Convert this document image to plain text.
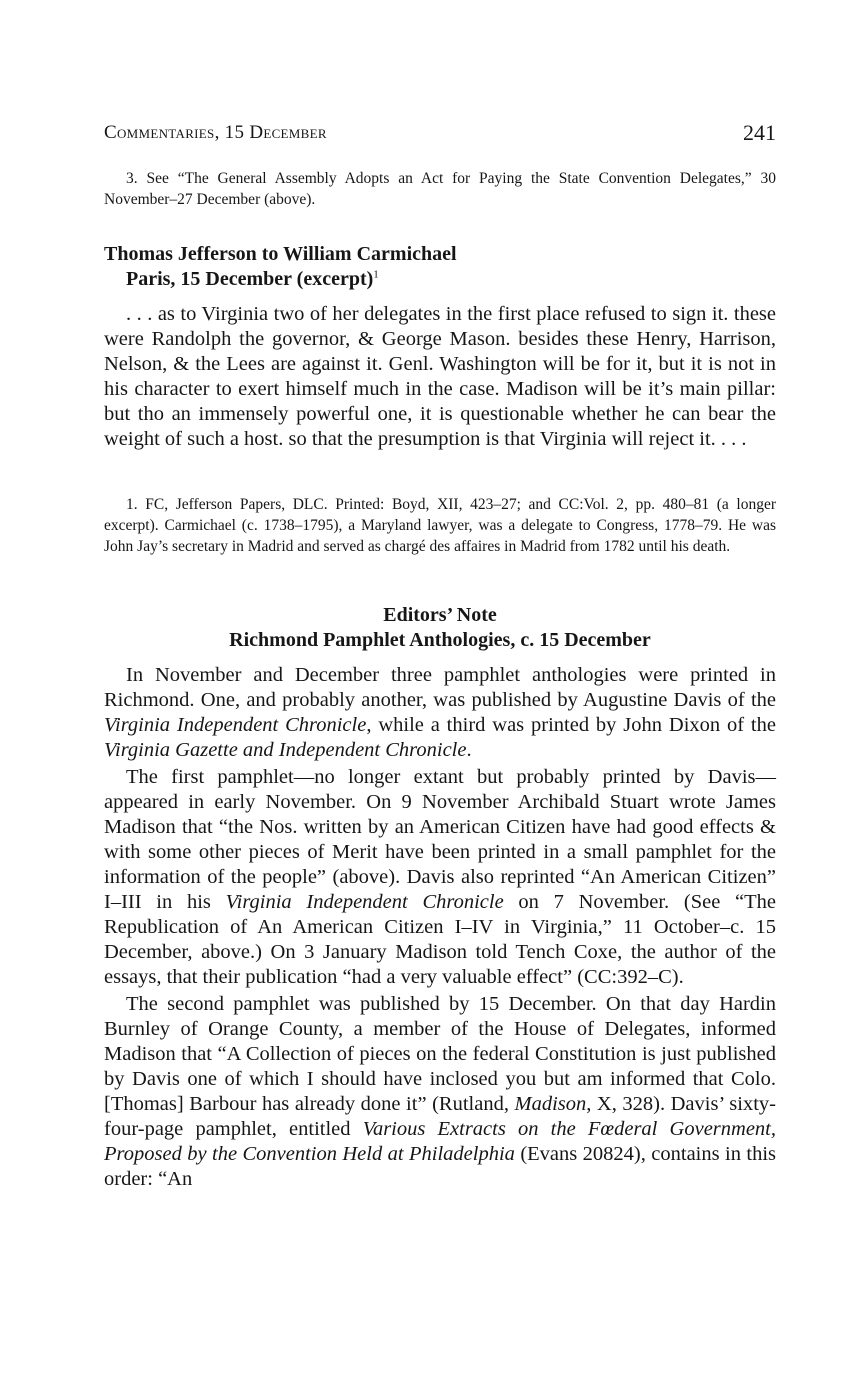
Commentaries, 15 December	241

3. See “The General Assembly Adopts an Act for Paying the State Convention Delegates,” 30 November–27 December (above).

Thomas Jefferson to William Carmichael
Paris, 15 December (excerpt)$^1$

. . . as to Virginia two of her delegates in the first place refused to sign it. these were Randolph the governor, & George Mason. besides these Henry, Harrison, Nelson, & the Lees are against it. Genl. Washington will be for it, but it is not in his character to exert himself much in the case. Madison will be it’s main pillar: but tho an immensely powerful one, it is questionable whether he can bear the weight of such a host. so that the presumption is that Virginia will reject it. . . .

1. FC, Jefferson Papers, DLC. Printed: Boyd, XII, 423–27; and CC:Vol. 2, pp. 480–81 (a longer excerpt). Carmichael (c. 1738–1795), a Maryland lawyer, was a delegate to Congress, 1778–79. He was John Jay’s secretary in Madrid and served as chargé des affaires in Madrid from 1782 until his death.

Editors’ Note
Richmond Pamphlet Anthologies, c. 15 December

In November and December three pamphlet anthologies were printed in Richmond. One, and probably another, was published by Augustine Davis of the Virginia Independent Chronicle, while a third was printed by John Dixon of the Virginia Gazette and Independent Chronicle.

The first pamphlet—no longer extant but probably printed by Davis—appeared in early November. On 9 November Archibald Stuart wrote James Madison that “the Nos. written by an American Citizen have had good effects & with some other pieces of Merit have been printed in a small pamphlet for the information of the people” (above). Davis also reprinted “An American Citizen” I–III in his Virginia Independent Chronicle on 7 November. (See “The Republication of An American Citizen I–IV in Virginia,” 11 October–c. 15 December, above.) On 3 January Madison told Tench Coxe, the author of the essays, that their publication “had a very valuable effect” (CC:392–C).

The second pamphlet was published by 15 December. On that day Hardin Burnley of Orange County, a member of the House of Delegates, informed Madison that “A Collection of pieces on the federal Constitution is just published by Davis one of which I should have inclosed you but am informed that Colo. [Thomas] Barbour has already done it” (Rutland, Madison, X, 328). Davis’ sixty-four-page pamphlet, entitled Various Extracts on the Fœderal Government, Proposed by the Convention Held at Philadelphia (Evans 20824), contains in this order: “An
